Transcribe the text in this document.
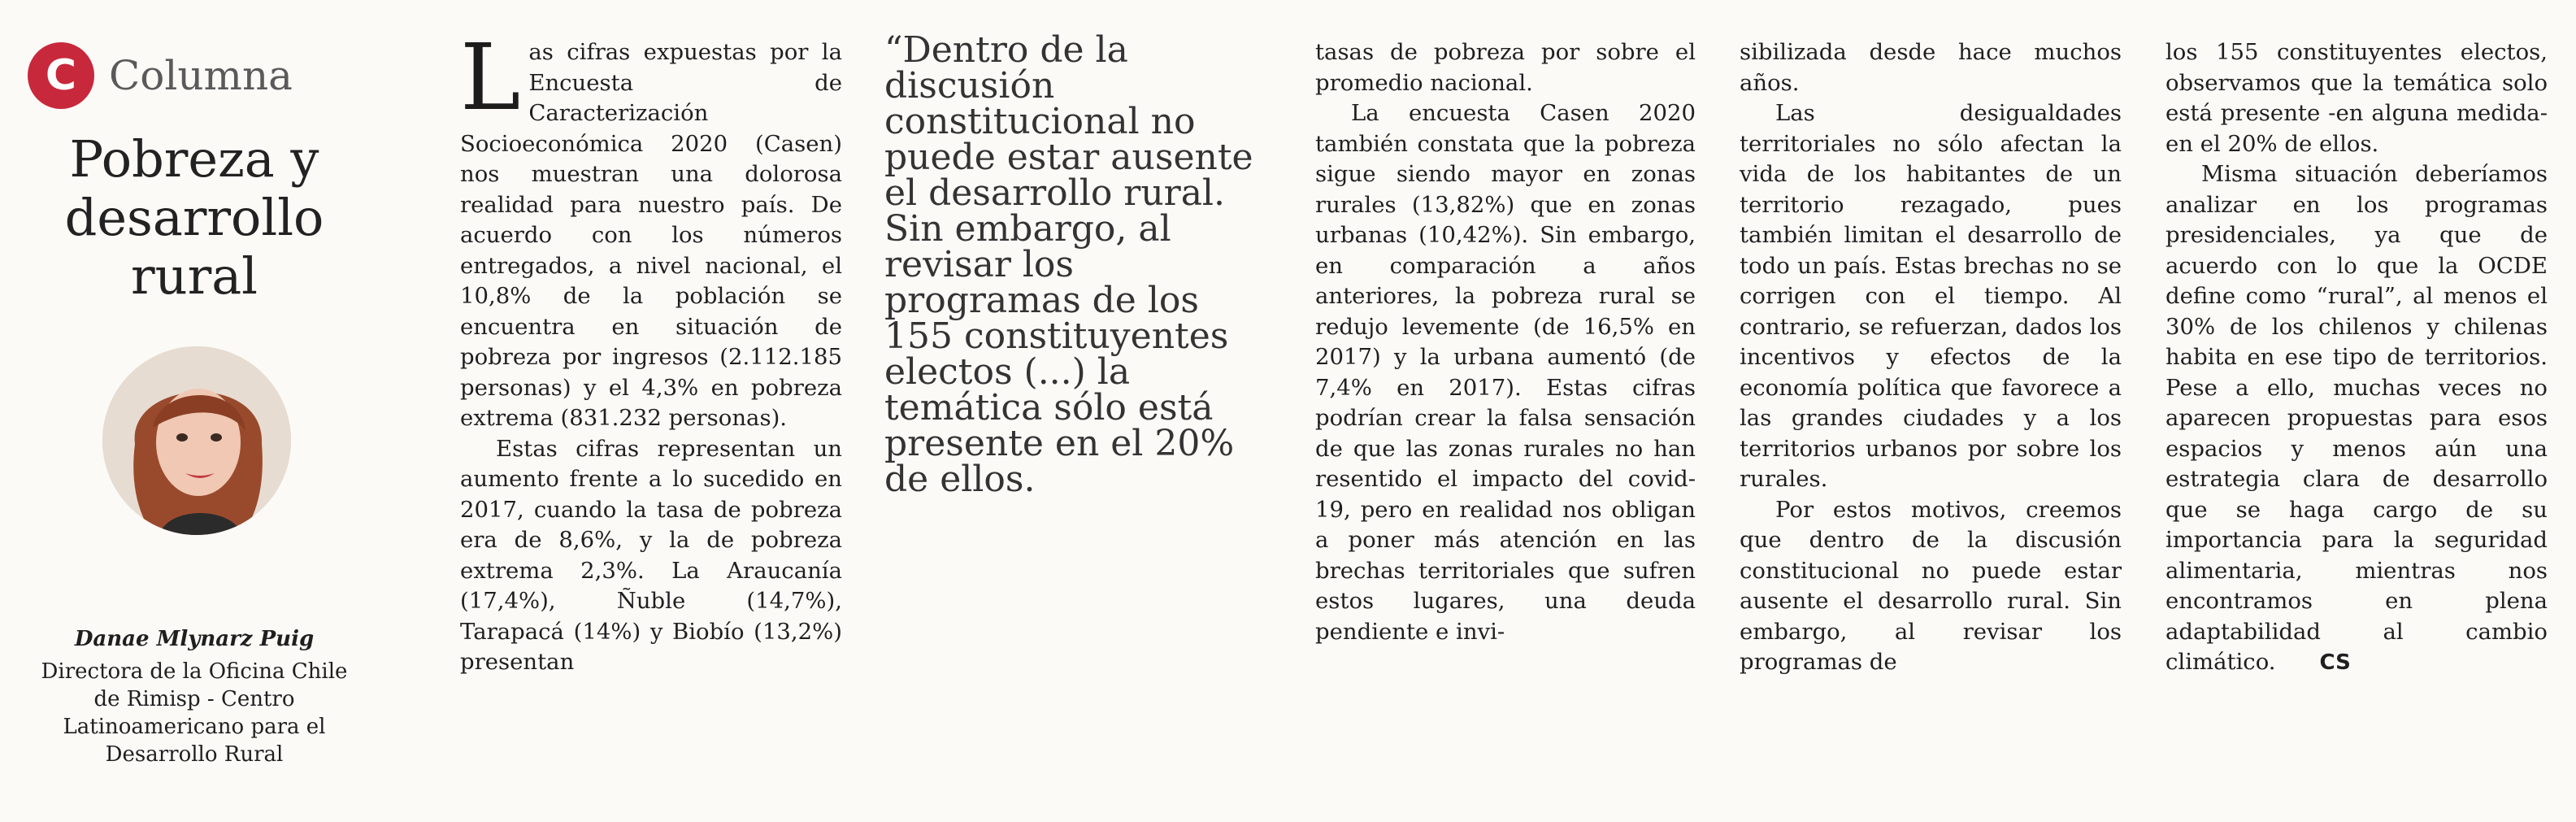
C Columna
Pobreza y
desarrollo
rural
Danae Mlynarz Puig
Directora de la Oficina Chile
de Rimisp - Centro
Latinoamericano para el
Desarrollo Rural

Las cifras expuestas por la Encuesta de Caracterización Socioeconómica 2020 (Casen) nos muestran una dolorosa realidad para nuestro país. De acuerdo con los números entregados, a nivel nacional, el 10,8% de la población se encuentra en situación de pobreza por ingresos (2.112.185 personas) y el 4,3% en pobreza extrema (831.232 personas).

Estas cifras representan un aumento frente a lo sucedido en 2017, cuando la tasa de pobreza era de 8,6%, y la de pobreza extrema 2,3%. La Araucanía (17,4%), Ñuble (14,7%), Tarapacá (14%) y Biobío (13,2%) presentan

“Dentro de la discusión constitucional no puede estar ausente el desarrollo rural. Sin embargo, al revisar los programas de los 155 constituyentes electos (...) la temática sólo está presente en el 20% de ellos.

tasas de pobreza por sobre el promedio nacional.

La encuesta Casen 2020 también constata que la pobreza sigue siendo mayor en zonas rurales (13,82%) que en zonas urbanas (10,42%). Sin embargo, en comparación a años anteriores, la pobreza rural se redujo levemente (de 16,5% en 2017) y la urbana aumentó (de 7,4% en 2017). Estas cifras podrían crear la falsa sensación de que las zonas rurales no han resentido el impacto del covid-19, pero en realidad nos obligan a poner más atención en las brechas territoriales que sufren estos lugares, una deuda pendiente e invi-

sibilizada desde hace muchos años.

Las desigualdades territoriales no sólo afectan la vida de los habitantes de un territorio rezagado, pues también limitan el desarrollo de todo un país. Estas brechas no se corrigen con el tiempo. Al contrario, se refuerzan, dados los incentivos y efectos de la economía política que favorece a las grandes ciudades y a los territorios urbanos por sobre los rurales.

Por estos motivos, creemos que dentro de la discusión constitucional no puede estar ausente el desarrollo rural. Sin embargo, al revisar los programas de

los 155 constituyentes electos, observamos que la temática solo está presente -en alguna medida- en el 20% de ellos.

Misma situación deberíamos analizar en los programas presidenciales, ya que de acuerdo con lo que la OCDE define como “rural”, al menos el 30% de los chilenos y chilenas habita en ese tipo de territorios. Pese a ello, muchas veces no aparecen propuestas para esos espacios y menos aún una estrategia clara de desarrollo que se haga cargo de su importancia para la seguridad alimentaria, mientras nos encontramos en plena adaptabilidad al cambio climático. CS
